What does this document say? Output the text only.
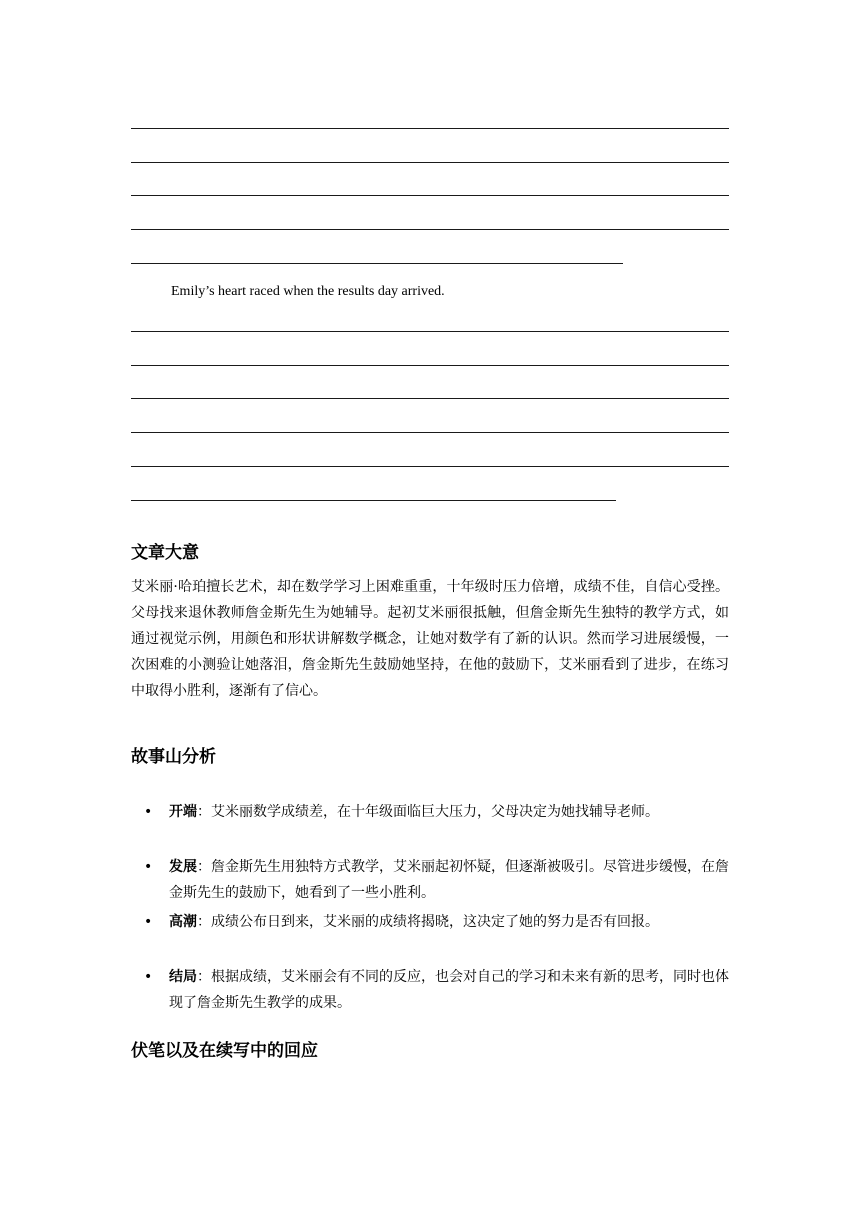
Emily’s heart raced when the results day arrived.
文章大意
艾米丽·哈珀擅长艺术，却在数学学习上困难重重，十年级时压力倍增，成绩不佳，自信心受挫。父母找来退休教师詹金斯先生为她辅导。起初艾米丽很抵触，但詹金斯先生独特的教学方式，如通过视觉示例，用颜色和形状讲解数学概念，让她对数学有了新的认识。然而学习进展缓慢，一次困难的小测验让她落泪，詹金斯先生鼓励她坚持，在他的鼓励下，艾米丽看到了进步，在练习中取得小胜利，逐渐有了信心。
故事山分析
• 开端：艾米丽数学成绩差，在十年级面临巨大压力，父母决定为她找辅导老师。
• 发展：詹金斯先生用独特方式教学，艾米丽起初怀疑，但逐渐被吸引。尽管进步缓慢，在詹金斯先生的鼓励下，她看到了一些小胜利。
• 高潮：成绩公布日到来，艾米丽的成绩将揭晓，这决定了她的努力是否有回报。
• 结局：根据成绩，艾米丽会有不同的反应，也会对自己的学习和未来有新的思考，同时也体现了詹金斯先生教学的成果。
伏笔以及在续写中的回应
